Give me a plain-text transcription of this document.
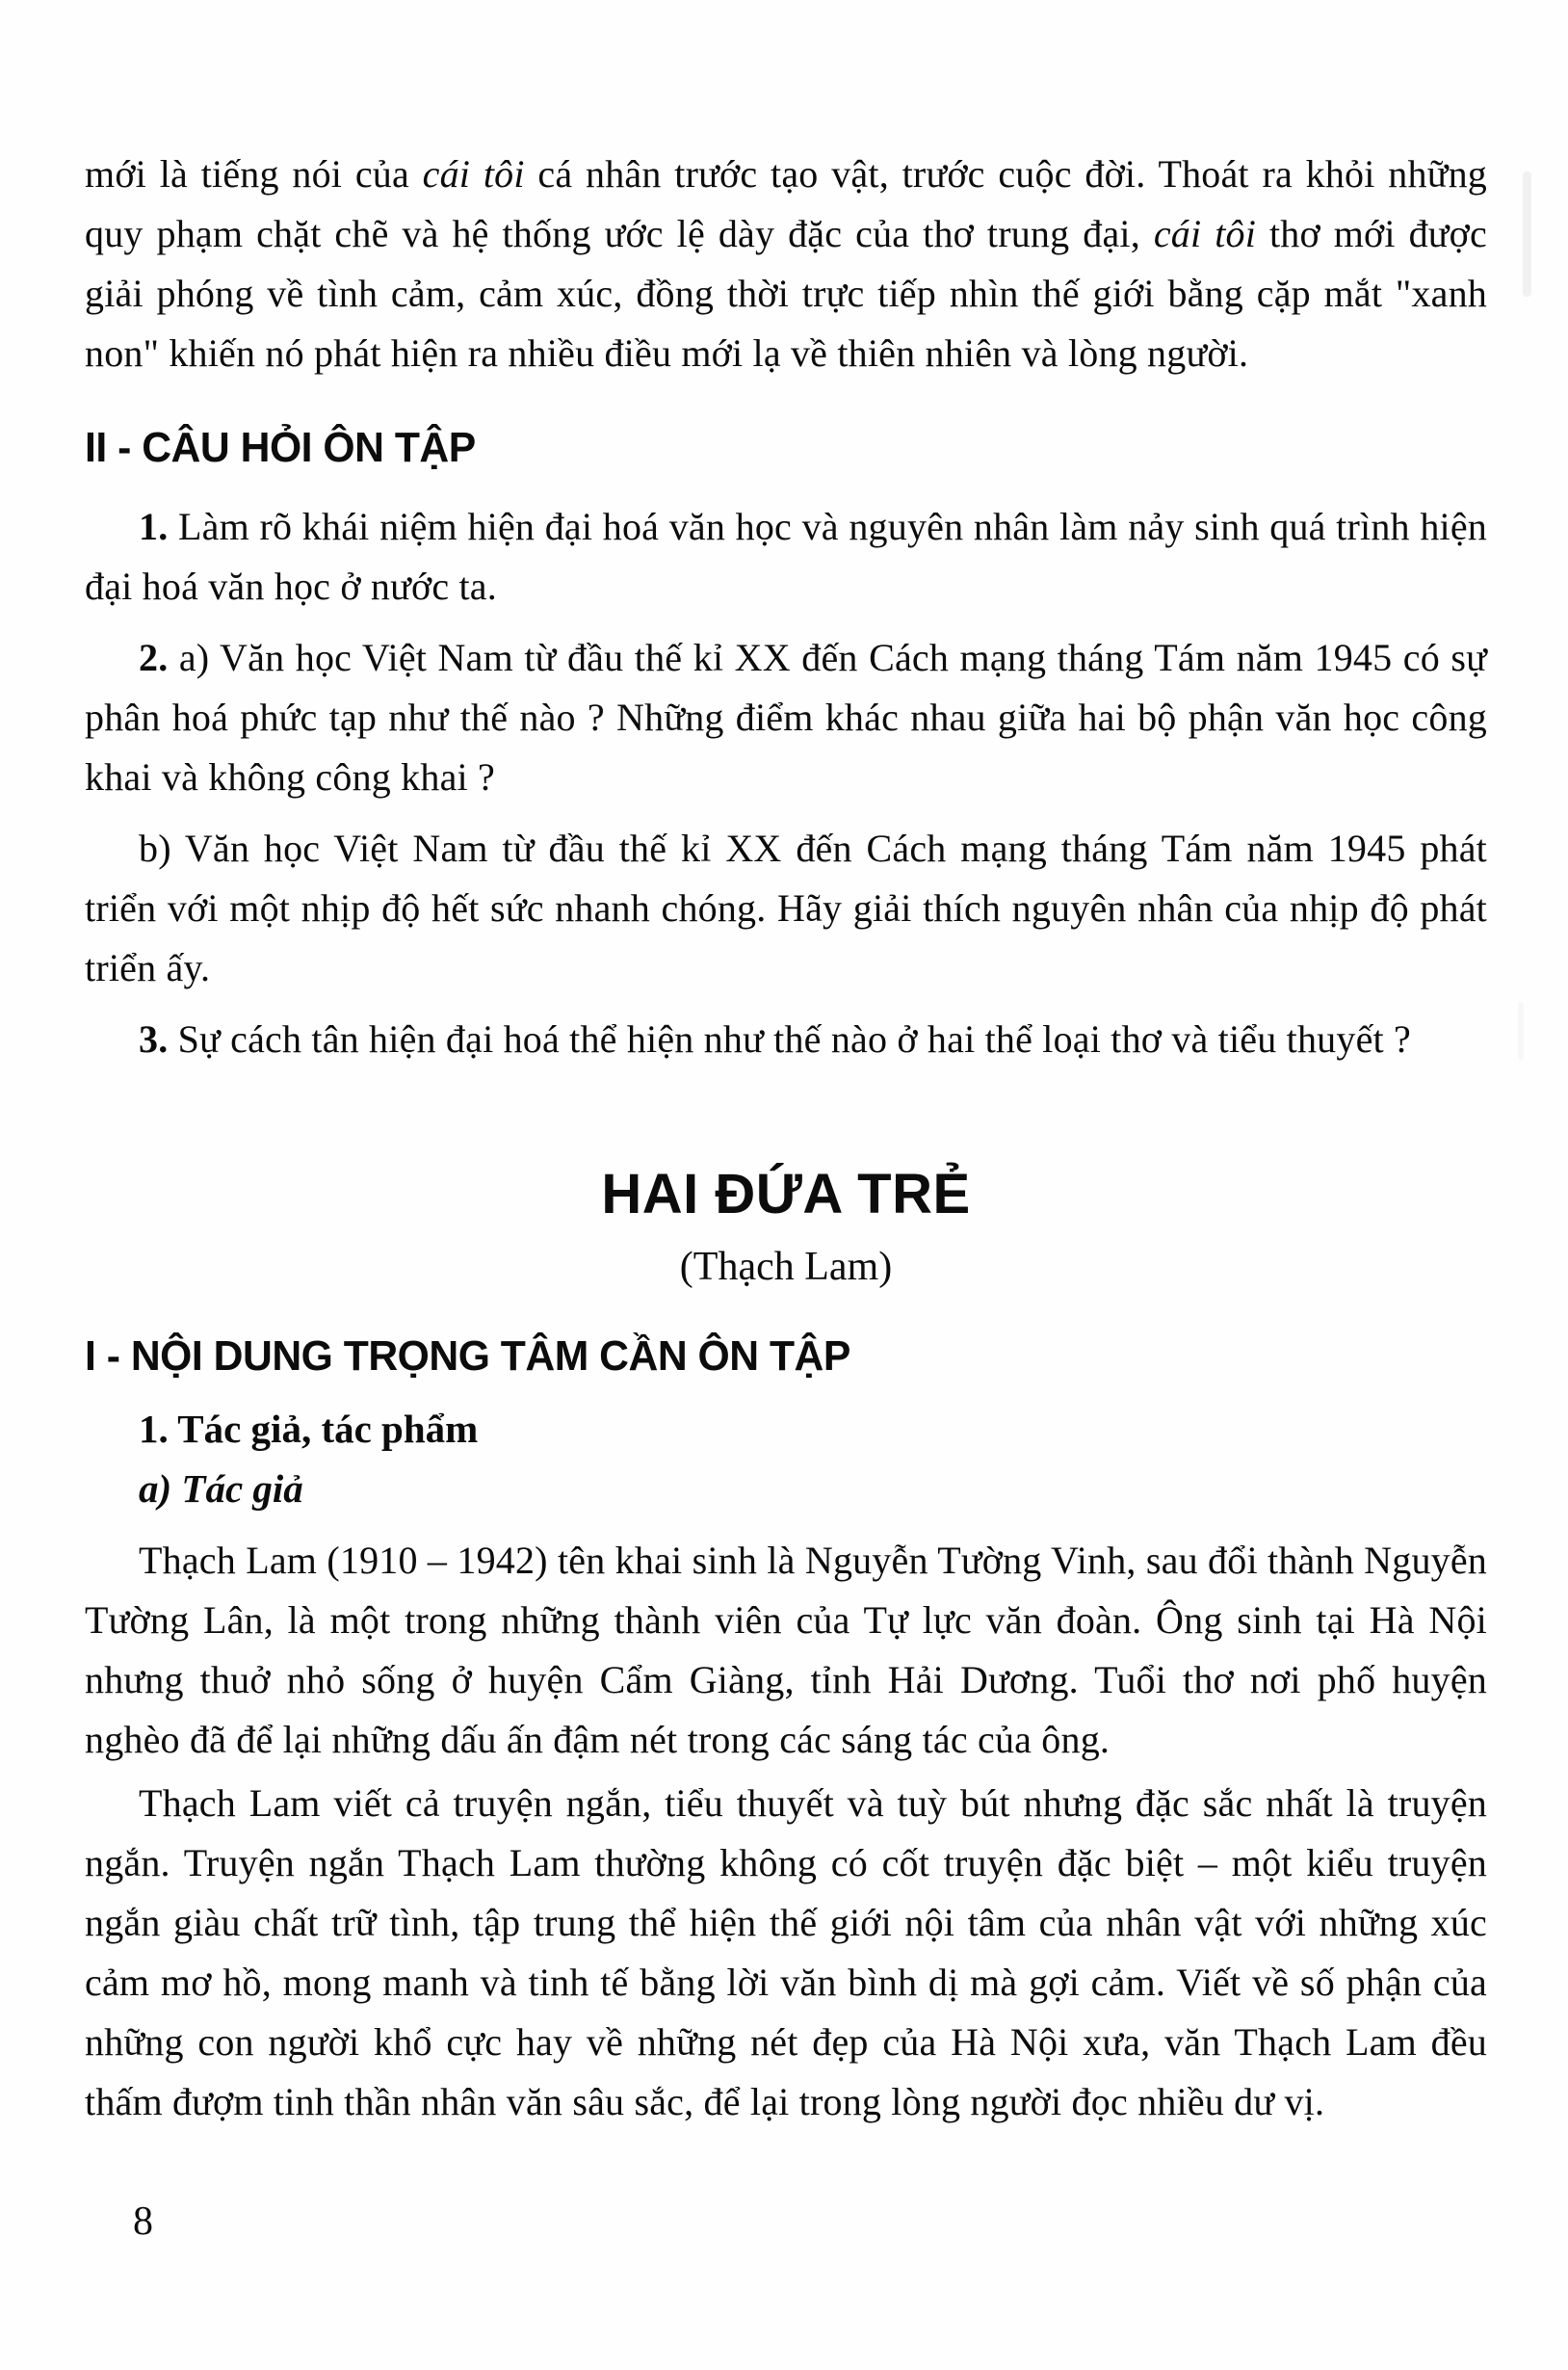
mới là tiếng nói của cái tôi cá nhân trước tạo vật, trước cuộc đời. Thoát ra khỏi những quy phạm chặt chẽ và hệ thống ước lệ dày đặc của thơ trung đại, cái tôi thơ mới được giải phóng về tình cảm, cảm xúc, đồng thời trực tiếp nhìn thế giới bằng cặp mắt "xanh non" khiến nó phát hiện ra nhiều điều mới lạ về thiên nhiên và lòng người.

II - CÂU HỎI ÔN TẬP

1. Làm rõ khái niệm hiện đại hoá văn học và nguyên nhân làm nảy sinh quá trình hiện đại hoá văn học ở nước ta.

2. a) Văn học Việt Nam từ đầu thế kỉ XX đến Cách mạng tháng Tám năm 1945 có sự phân hoá phức tạp như thế nào ? Những điểm khác nhau giữa hai bộ phận văn học công khai và không công khai ?

b) Văn học Việt Nam từ đầu thế kỉ XX đến Cách mạng tháng Tám năm 1945 phát triển với một nhịp độ hết sức nhanh chóng. Hãy giải thích nguyên nhân của nhịp độ phát triển ấy.

3. Sự cách tân hiện đại hoá thể hiện như thế nào ở hai thể loại thơ và tiểu thuyết ?

HAI ĐỨA TRẺ

(Thạch Lam)

I - NỘI DUNG TRỌNG TÂM CẦN ÔN TẬP
1. Tác giả, tác phẩm
a) Tác giả

Thạch Lam (1910 – 1942) tên khai sinh là Nguyễn Tường Vinh, sau đổi thành Nguyễn Tường Lân, là một trong những thành viên của Tự lực văn đoàn. Ông sinh tại Hà Nội nhưng thuở nhỏ sống ở huyện Cẩm Giàng, tỉnh Hải Dương. Tuổi thơ nơi phố huyện nghèo đã để lại những dấu ấn đậm nét trong các sáng tác của ông.

Thạch Lam viết cả truyện ngắn, tiểu thuyết và tuỳ bút nhưng đặc sắc nhất là truyện ngắn. Truyện ngắn Thạch Lam thường không có cốt truyện đặc biệt – một kiểu truyện ngắn giàu chất trữ tình, tập trung thể hiện thế giới nội tâm của nhân vật với những xúc cảm mơ hồ, mong manh và tinh tế bằng lời văn bình dị mà gợi cảm. Viết về số phận của những con người khổ cực hay về những nét đẹp của Hà Nội xưa, văn Thạch Lam đều thấm đượm tinh thần nhân văn sâu sắc, để lại trong lòng người đọc nhiều dư vị.

8
